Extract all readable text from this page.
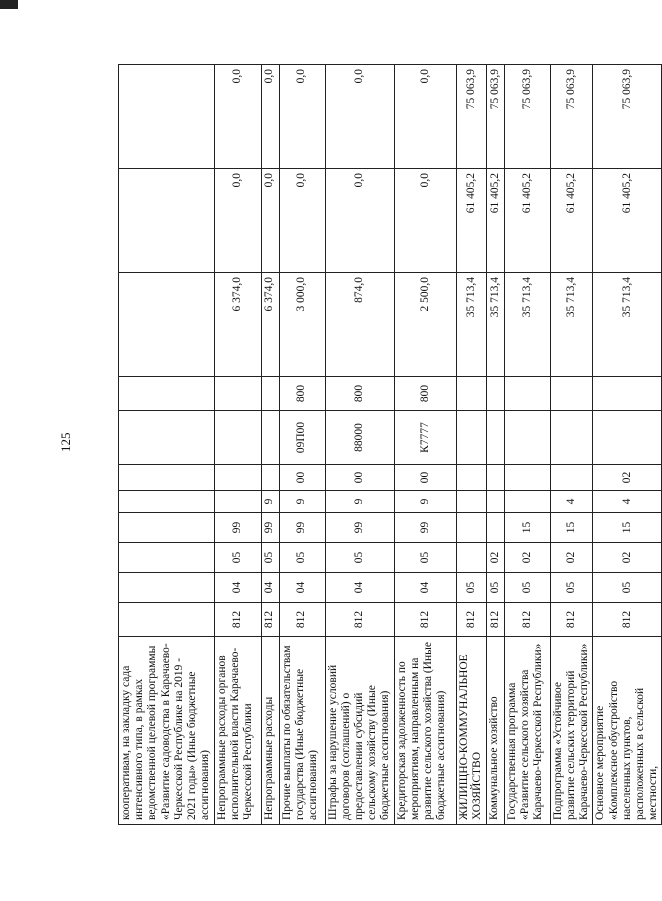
125
кооперативам, на закладку сада интенсивного типа, в рамках ведомственной целевой программы «Развитие садоводства в Карачаево-Черкесской Республике на 2019 - 2021 годы» (Иные бюджетные ассигнования)											
Непрограммные расходы органов исполнительной власти Карачаево-Черкесской Республики	812	04	05	99					6 374,0	0,0	0,0
Непрограммные расходы	812	04	05	99	9				6 374,0	0,0	0,0
Прочие выплаты по обязательствам государства (Иные бюджетные ассигнования)	812	04	05	99	9	00	09П00	800	3 000,0	0,0	0,0
Штрафы за нарушение условий договоров (соглашений) о предоставлении субсидий сельскому хозяйству (Иные бюджетные ассигнования)	812	04	05	99	9	00	88000	800	874,0	0,0	0,0
Кредиторская задолженность по мероприятиям, направленным на развитие сельского хозяйства (Иные бюджетные ассигнования)	812	04	05	99	9	00	К7777	800	2 500,0	0,0	0,0
ЖИЛИЩНО-КОММУНАЛЬНОЕ ХОЗЯЙСТВО	812	05							35 713,4	61 405,2	75 063,9
Коммунальное хозяйство	812	05	02						35 713,4	61 405,2	75 063,9
Государственная программа «Развитие сельского хозяйства Карачаево-Черкесской Республики»	812	05	02	15					35 713,4	61 405,2	75 063,9
Подпрограмма «Устойчивое развитие сельских территорий Карачаево-Черкесской Республики»	812	05	02	15	4				35 713,4	61 405,2	75 063,9
Основное мероприятие «Комплексное обустройство населенных пунктов, расположенных в сельской местности,	812	05	02	15	4	02			35 713,4	61 405,2	75 063,9
